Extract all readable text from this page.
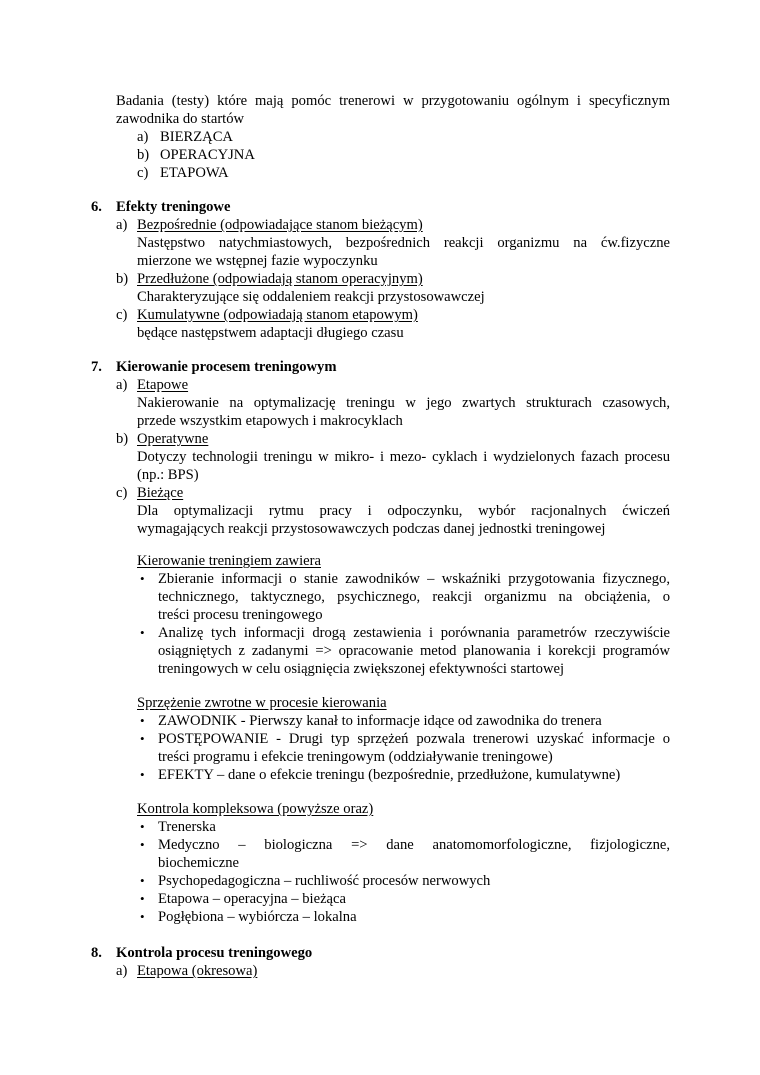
Badania (testy) które mają pomóc trenerowi w przygotowaniu ogólnym i specyficznym
zawodnika do startów
a) BIERZĄCA
b) OPERACYJNA
c) ETAPOWA
6. Efekty treningowe
a) Bezpośrednie (odpowiadające stanom bieżącym)
Następstwo natychmiastowych, bezpośrednich reakcji organizmu na ćw.fizyczne
mierzone we wstępnej fazie wypoczynku
b) Przedłużone (odpowiadają stanom operacyjnym)
Charakteryzujące się oddaleniem reakcji przystosowawczej
c) Kumulatywne (odpowiadają stanom etapowym)
będące następstwem adaptacji długiego czasu
7. Kierowanie procesem treningowym
a) Etapowe
Nakierowanie na optymalizację treningu w jego zwartych strukturach czasowych,
przede wszystkim etapowych i makrocyklach
b) Operatywne
Dotyczy technologii treningu w mikro- i mezo- cyklach i wydzielonych fazach procesu
(np.: BPS)
c) Bieżące
Dla optymalizacji rytmu pracy i odpoczynku, wybór racjonalnych ćwiczeń
wymagających reakcji przystosowawczych podczas danej jednostki treningowej
Kierowanie treningiem zawiera
• Zbieranie informacji o stanie zawodników – wskaźniki przygotowania fizycznego,
technicznego, taktycznego, psychicznego, reakcji organizmu na obciążenia, o
treści procesu treningowego
• Analizę tych informacji drogą zestawienia i porównania parametrów rzeczywiście
osiągniętych z zadanymi => opracowanie metod planowania i korekcji programów
treningowych w celu osiągnięcia zwiększonej efektywności startowej
Sprzężenie zwrotne w procesie kierowania
• ZAWODNIK - Pierwszy kanał to informacje idące od zawodnika do trenera
• POSTĘPOWANIE - Drugi typ sprzężeń pozwala trenerowi uzyskać informacje o
treści programu i efekcie treningowym (oddziaływanie treningowe)
• EFEKTY – dane o efekcie treningu (bezpośrednie, przedłużone, kumulatywne)
Kontrola kompleksowa (powyższe oraz)
• Trenerska
• Medyczno – biologiczna => dane anatomomorfologiczne, fizjologiczne,
biochemiczne
• Psychopedagogiczna – ruchliwość procesów nerwowych
• Etapowa – operacyjna – bieżąca
• Pogłębiona – wybiórcza – lokalna
8. Kontrola procesu treningowego
a) Etapowa (okresowa)
